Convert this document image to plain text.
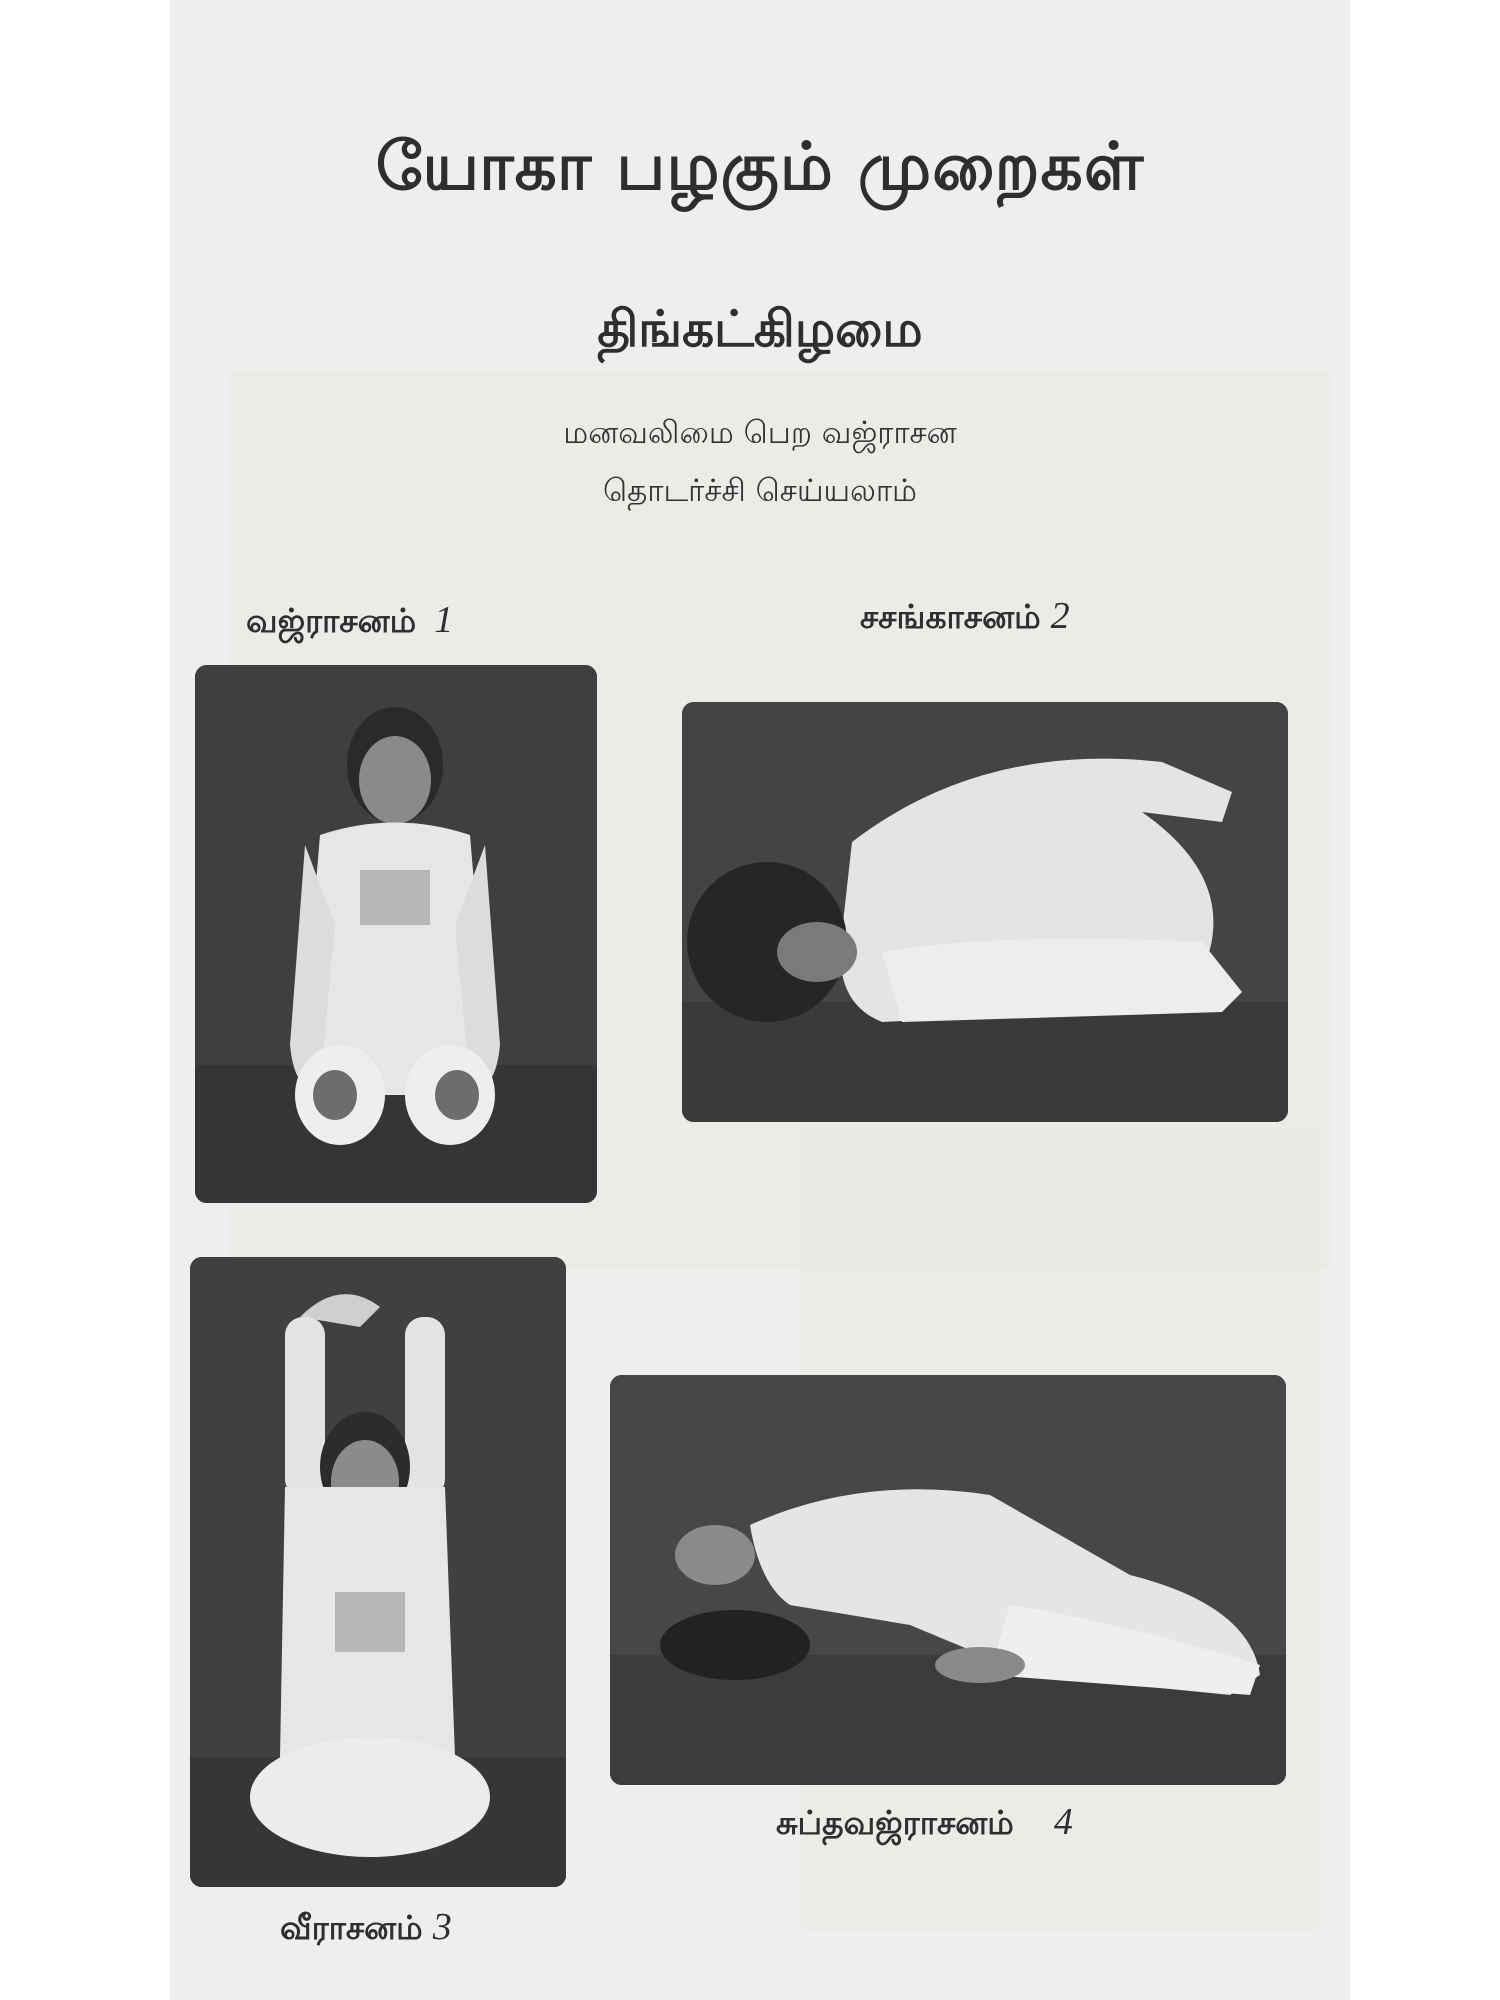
யோகா பழகும் முறைகள்
திங்கட்கிழமை
மனவலிமை பெற வஜ்ராசன
தொடர்ச்சி செய்யலாம்
வஜ்ராசனம் 1	சசங்காசனம் 2
வீராசனம் 3
சுப்தவஜ்ராசனம் 4
